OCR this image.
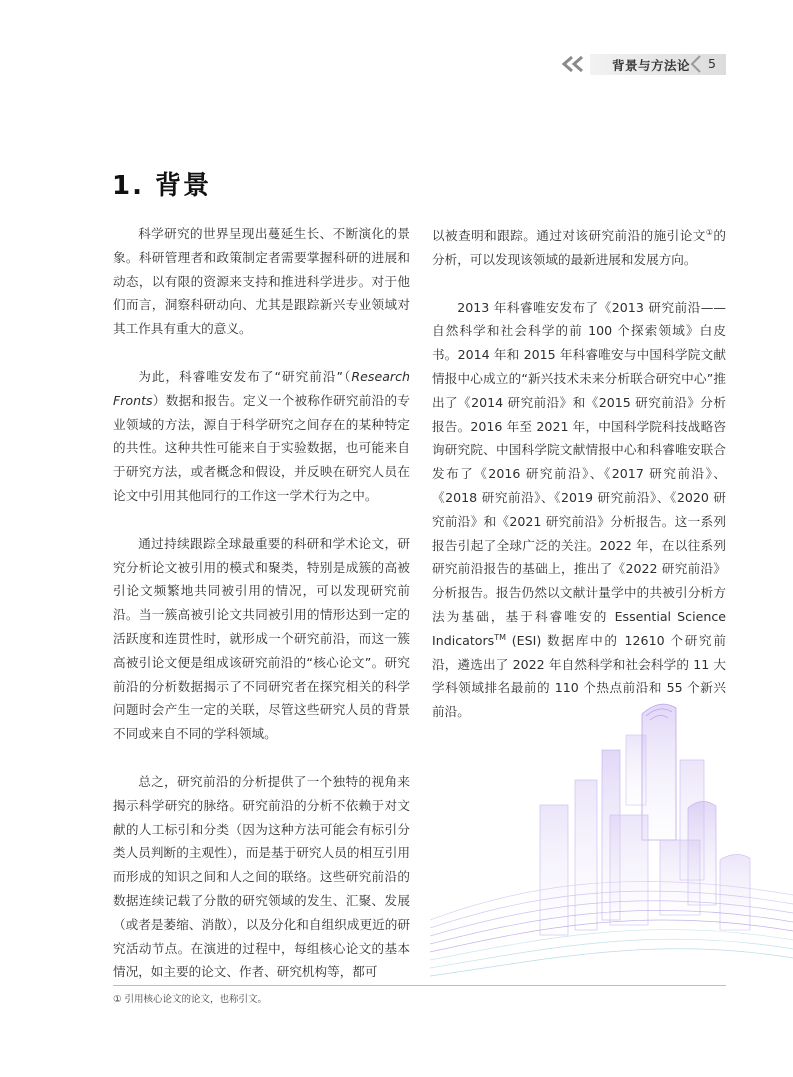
背景与方法论 5
1. 背景

科学研究的世界呈现出蔓延生长、不断演化的景象。科研管理者和政策制定者需要掌握科研的进展和动态，以有限的资源来支持和推进科学进步。对于他们而言，洞察科研动向、尤其是跟踪新兴专业领域对其工作具有重大的意义。

为此，科睿唯安发布了“研究前沿”（Research Fronts）数据和报告。定义一个被称作研究前沿的专业领域的方法，源自于科学研究之间存在的某种特定的共性。这种共性可能来自于实验数据，也可能来自于研究方法，或者概念和假设，并反映在研究人员在论文中引用其他同行的工作这一学术行为之中。

通过持续跟踪全球最重要的科研和学术论文，研究分析论文被引用的模式和聚类，特别是成簇的高被引论文频繁地共同被引用的情况，可以发现研究前沿。当一簇高被引论文共同被引用的情形达到一定的活跃度和连贯性时，就形成一个研究前沿，而这一簇高被引论文便是组成该研究前沿的“核心论文”。研究前沿的分析数据揭示了不同研究者在探究相关的科学问题时会产生一定的关联，尽管这些研究人员的背景不同或来自不同的学科领域。

总之，研究前沿的分析提供了一个独特的视角来揭示科学研究的脉络。研究前沿的分析不依赖于对文献的人工标引和分类（因为这种方法可能会有标引分类人员判断的主观性），而是基于研究人员的相互引用而形成的知识之间和人之间的联络。这些研究前沿的数据连续记载了分散的研究领域的发生、汇聚、发展（或者是萎缩、消散），以及分化和自组织成更近的研究活动节点。在演进的过程中，每组核心论文的基本情况，如主要的论文、作者、研究机构等，都可

以被查明和跟踪。通过对该研究前沿的施引论文①的分析，可以发现该领域的最新进展和发展方向。

2013 年科睿唯安发布了《2013 研究前沿——自然科学和社会科学的前 100 个探索领域》白皮书。2014 年和 2015 年科睿唯安与中国科学院文献情报中心成立的“新兴技术未来分析联合研究中心”推出了《2014 研究前沿》和《2015 研究前沿》分析报告。2016 年至 2021 年，中国科学院科技战略咨询研究院、中国科学院文献情报中心和科睿唯安联合发布了《2016 研究前沿》、《2017 研究前沿》、《2018 研究前沿》、《2019 研究前沿》、《2020 研究前沿》和《2021 研究前沿》分析报告。这一系列报告引起了全球广泛的关注。2022 年，在以往系列研究前沿报告的基础上，推出了《2022 研究前沿》分析报告。报告仍然以文献计量学中的共被引分析方法为基础，基于科睿唯安的 Essential Science Indicators™ (ESI) 数据库中的 12610 个研究前沿，遴选出了 2022 年自然科学和社会科学的 11 大学科领域排名最前的 110 个热点前沿和 55 个新兴前沿。

① 引用核心论文的论文，也称引文。
